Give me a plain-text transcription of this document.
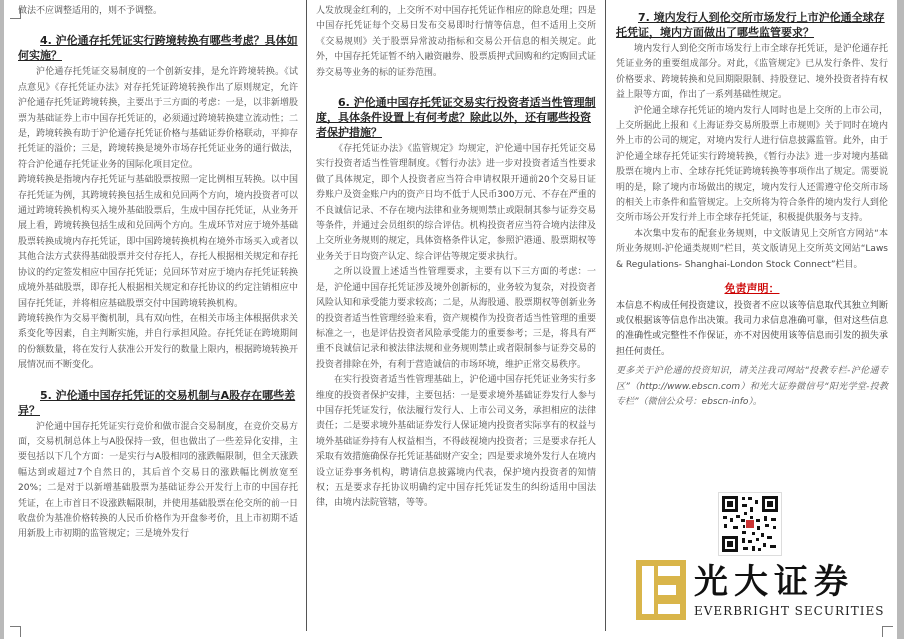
做法不应调整适用的，则不予调整。

4. 沪伦通存托凭证实行跨境转换有哪些考虑？具体如何实施？

沪伦通存托凭证交易制度的一个创新安排，是允许跨境转换。《试点意见》《存托凭证办法》对存托凭证跨境转换作出了原则规定，允许沪伦通存托凭证跨境转换，主要出于三方面的考虑：一是，以非新增股票为基础证券上市中国存托凭证的，必须通过跨境转换建立流动性；二是，跨境转换有助于沪伦通存托凭证价格与基础证券价格联动，平抑存托凭证的溢价；三是，跨境转换是境外市场存托凭证业务的通行做法，符合沪伦通存托凭证业务的国际化项目定位。

跨境转换是指境内存托凭证与基础股票按照一定比例相互转换。以中国存托凭证为例，其跨境转换包括生成和兑回两个方向，境内投资者可以通过跨境转换机构买入境外基础股票后，生成中国存托凭证，从业务开展上看，跨境转换包括生成和兑回两个方向。生成环节对应于境外基础股票转换成境内存托凭证，即中国跨境转换机构在境外市场买入或者以其他合法方式获得基础股票并交付存托人，存托人根据相关规定和存托协议的约定签发相应中国存托凭证；兑回环节对应于境内存托凭证转换成境外基础股票，即存托人根据相关规定和存托协议的约定注销相应中国存托凭证，并将相应基础股票交付中国跨境转换机构。

跨境转换作为交易平衡机制，具有双向性，在相关市场主体根据供求关系变化等因素，自主判断实施，并自行承担风险。存托凭证在跨境期间的份额数量，将在发行人获准公开发行的数量上限内，根据跨境转换开展情况而不断变化。

5. 沪伦通中国存托凭证的交易机制与A股存在哪些差异？

沪伦通中国存托凭证实行竞价和做市混合交易制度，在竞价交易方面，交易机制总体上与A股保持一致，但也做出了一些差异化安排，主要包括以下几个方面：一是实行与A股相同的涨跌幅限制，但全天涨跌幅达到或超过7个自然日的，其后首个交易日的涨跌幅比例放宽至20%；二是对于以新增基础股票为基础证券公开发行上市的中国存托凭证，在上市首日不设涨跌幅限制，并使用基础股票在伦交所的前一日收盘价为基准价格转换的人民币价格作为开盘参考价，且上市初期不适用新股上市初期的监管规定；三是境外发行

人发放现金红利的，上交所不对中国存托凭证作相应的除息处理；四是中国存托凭证每个交易日发布交易即时行情等信息，但不适用上交所《交易规则》关于股票异常波动指标和交易公开信息的相关规定。此外，中国存托凭证暂不纳入融资融券、股票质押式回购和约定购回式证券交易等业务的标的证券范围。

6. 沪伦通中国存托凭证交易实行投资者适当性管理制度，具体条件设置上有何考虑？除此以外，还有哪些投资者保护措施？

《存托凭证办法》《监管规定》均规定，沪伦通中国存托凭证交易实行投资者适当性管理制度。《暂行办法》进一步对投资者适当性要求做了具体规定，即个人投资者应当符合申请权限开通前20个交易日证券账户及资金账户内的资产日均不低于人民币300万元、不存在严重的不良诚信记录、不存在境内法律和业务规则禁止或限制其参与证券交易等条件，并通过会员组织的综合评估。机构投资者应当符合境内法律及上交所业务规则的规定，具体资格条件认定，参照沪港通、股票期权等业务关于日均资产认定、综合评估等规定要求执行。

之所以设置上述适当性管理要求，主要有以下三方面的考虑：一是，沪伦通中国存托凭证涉及境外创新标的，业务较为复杂，对投资者风险认知和承受能力要求较高；二是，从海股通、股票期权等创新业务的投资者适当性管理经验来看，资产规模作为投资者适当性管理的重要标准之一，也是评估投资者风险承受能力的重要参考；三是，将具有严重不良诚信记录和被法律法规和业务规则禁止或者限制参与证券交易的投资者排除在外，有利于营造诚信的市场环境，维护正常交易秩序。

在实行投资者适当性管理基础上，沪伦通中国存托凭证业务实行多维度的投资者保护安排，主要包括：一是要求境外基础证券发行人参与中国存托凭证发行，依法履行发行人、上市公司义务，承担相应的法律责任；二是要求境外基础证券发行人保证境内投资者实际享有的权益与境外基础证券持有人权益相当，不得歧视境内投资者；三是要求存托人采取有效措施确保存托凭证基础财产安全；四是要求境外发行人在境内设立证券事务机构，聘请信息披露境内代表，保护境内投资者的知情权；五是要求存托协议明确约定中国存托凭证发生的纠纷适用中国法律，由境内法院管辖，等等。

7. 境内发行人到伦交所市场发行上市沪伦通全球存托凭证，境内方面做出了哪些监管要求？

境内发行人到伦交所市场发行上市全球存托凭证，是沪伦通存托凭证业务的重要组成部分。对此，《监管规定》已从发行条件、发行价格要求、跨境转换和兑回期限限制、持股登记、境外投资者持有权益上限等方面，作出了一系列基础性规定。

沪伦通全球存托凭证的境内发行人同时也是上交所的上市公司，上交所据此上报和《上海证券交易所股票上市规则》关于同时在境内外上市的公司的规定，对境内发行人进行信息披露监管。此外，由于沪伦通全球存托凭证实行跨境转换，《暂行办法》进一步对境内基础股票在境内上市、全球存托凭证跨境转换等事项作出了规定。需要说明的是，除了境内市场做出的规定，境内发行人还需遵守伦交所市场的相关上市条件和监管规定。上交所将为符合条件的境内发行人到伦交所市场公开发行并上市全球存托凭证，积极提供服务与支持。

本次集中发布的配套业务规则，中文版请见上交所官方网站“本所业务规则-沪伦通类规则”栏目，英文版请见上交所英文网站“Laws & Regulations- Shanghai-London Stock Connect”栏目。

免责声明：

本信息不构成任何投资建议，投资者不应以该等信息取代其独立判断或仅根据该等信息作出决策。我司力求信息准确可靠，但对这些信息的准确性或完整性不作保证，亦不对因使用该等信息而引发的损失承担任何责任。

更多关于沪伦通的投资知识，请关注我司网站“投教专栏-沪伦通专区”（http://www.ebscn.com）和光大证券微信号“阳光学堂-投教专栏”（微信公众号：ebscn-info）。

光大证券
EVERBRIGHT SECURITIES
